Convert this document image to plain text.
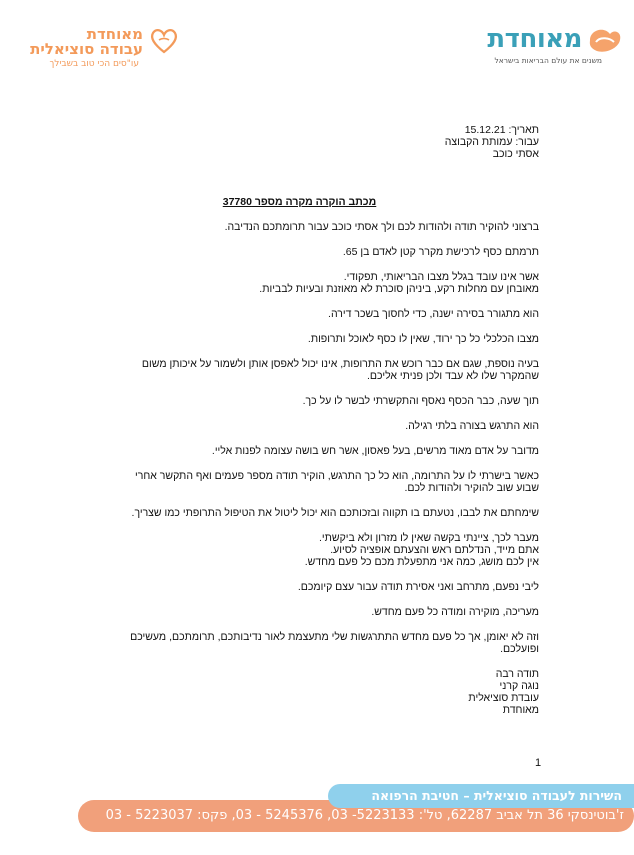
מאוחדת
משנים את עולם הבריאות בישראל
מאוחדת
עבודה סוציאלית
עו"סים הכי טוב בשבילך
תאריך: 15.12.21
עבור: עמותת הקבוצה
אסתי כוכב
מכתב הוקרה מקרה מספר 37780
ברצוני להוקיר תודה ולהודות לכם ולך אסתי כוכב עבור תרומתכם הנדיבה.
תרמתם כסף לרכישת מקרר קטן לאדם בן 65.
אשר אינו עובד בגלל מצבו הבריאותי, תפקודי.
מאובחן עם מחלות רקע, ביניהן סוכרת לא מאוזנת ובעיות לבביות.
הוא מתגורר בסירה ישנה, כדי לחסוך בשכר דירה.
מצבו הכלכלי כל כך ירוד, שאין לו כסף לאוכל ותרופות.
בעיה נוספת, שגם אם כבר רוכש את התרופות, אינו יכול לאפסן אותן ולשמור על איכותן משום
שהמקרר שלו לא עבד ולכן פניתי אליכם.
תוך שעה, כבר הכסף נאסף והתקשרתי לבשר לו על כך.
הוא התרגש בצורה בלתי רגילה.
מדובר על אדם מאוד מרשים, בעל פאסון, אשר חש בושה עצומה לפנות אליי.
כאשר בישרתי לו על התרומה, הוא כל כך התרגש, הוקיר תודה מספר פעמים ואף התקשר אחרי
שבוע שוב להוקיר ולהודות לכם.
שימחתם את לבבו, נטעתם בו תקווה ובזכותכם הוא יכול ליטול את הטיפול התרופתי כמו שצריך.
מעבר לכך, ציינתי בקשה שאין לו מזרון ולא ביקשתי.
אתם מייד, הנדלתם ראש והצעתם אופציה לסיוע.
אין לכם מושג, כמה אני מתפעלת מכם כל פעם מחדש.
ליבי נפעם, מתרחב ואני אסירת תודה עבור עצם קיומכם.
מעריכה, מוקירה ומודה כל פעם מחדש.
וזה לא יאומן, אך כל פעם מחדש התתרגשות שלי מתעצמת לאור נדיבותכם, תרומתכם, מעשיכם
ופועלכם.
תודה רבה
נוגה קרני
עובדת סוציאלית
מאוחדת
1
ז'בוטינסקי 36 תל אביב 62287, טל': 5223133- 03, 5245376 - 03, פקס: 5223037 - 03
השירות לעבודה סוציאלית – חטיבת הרפואה
